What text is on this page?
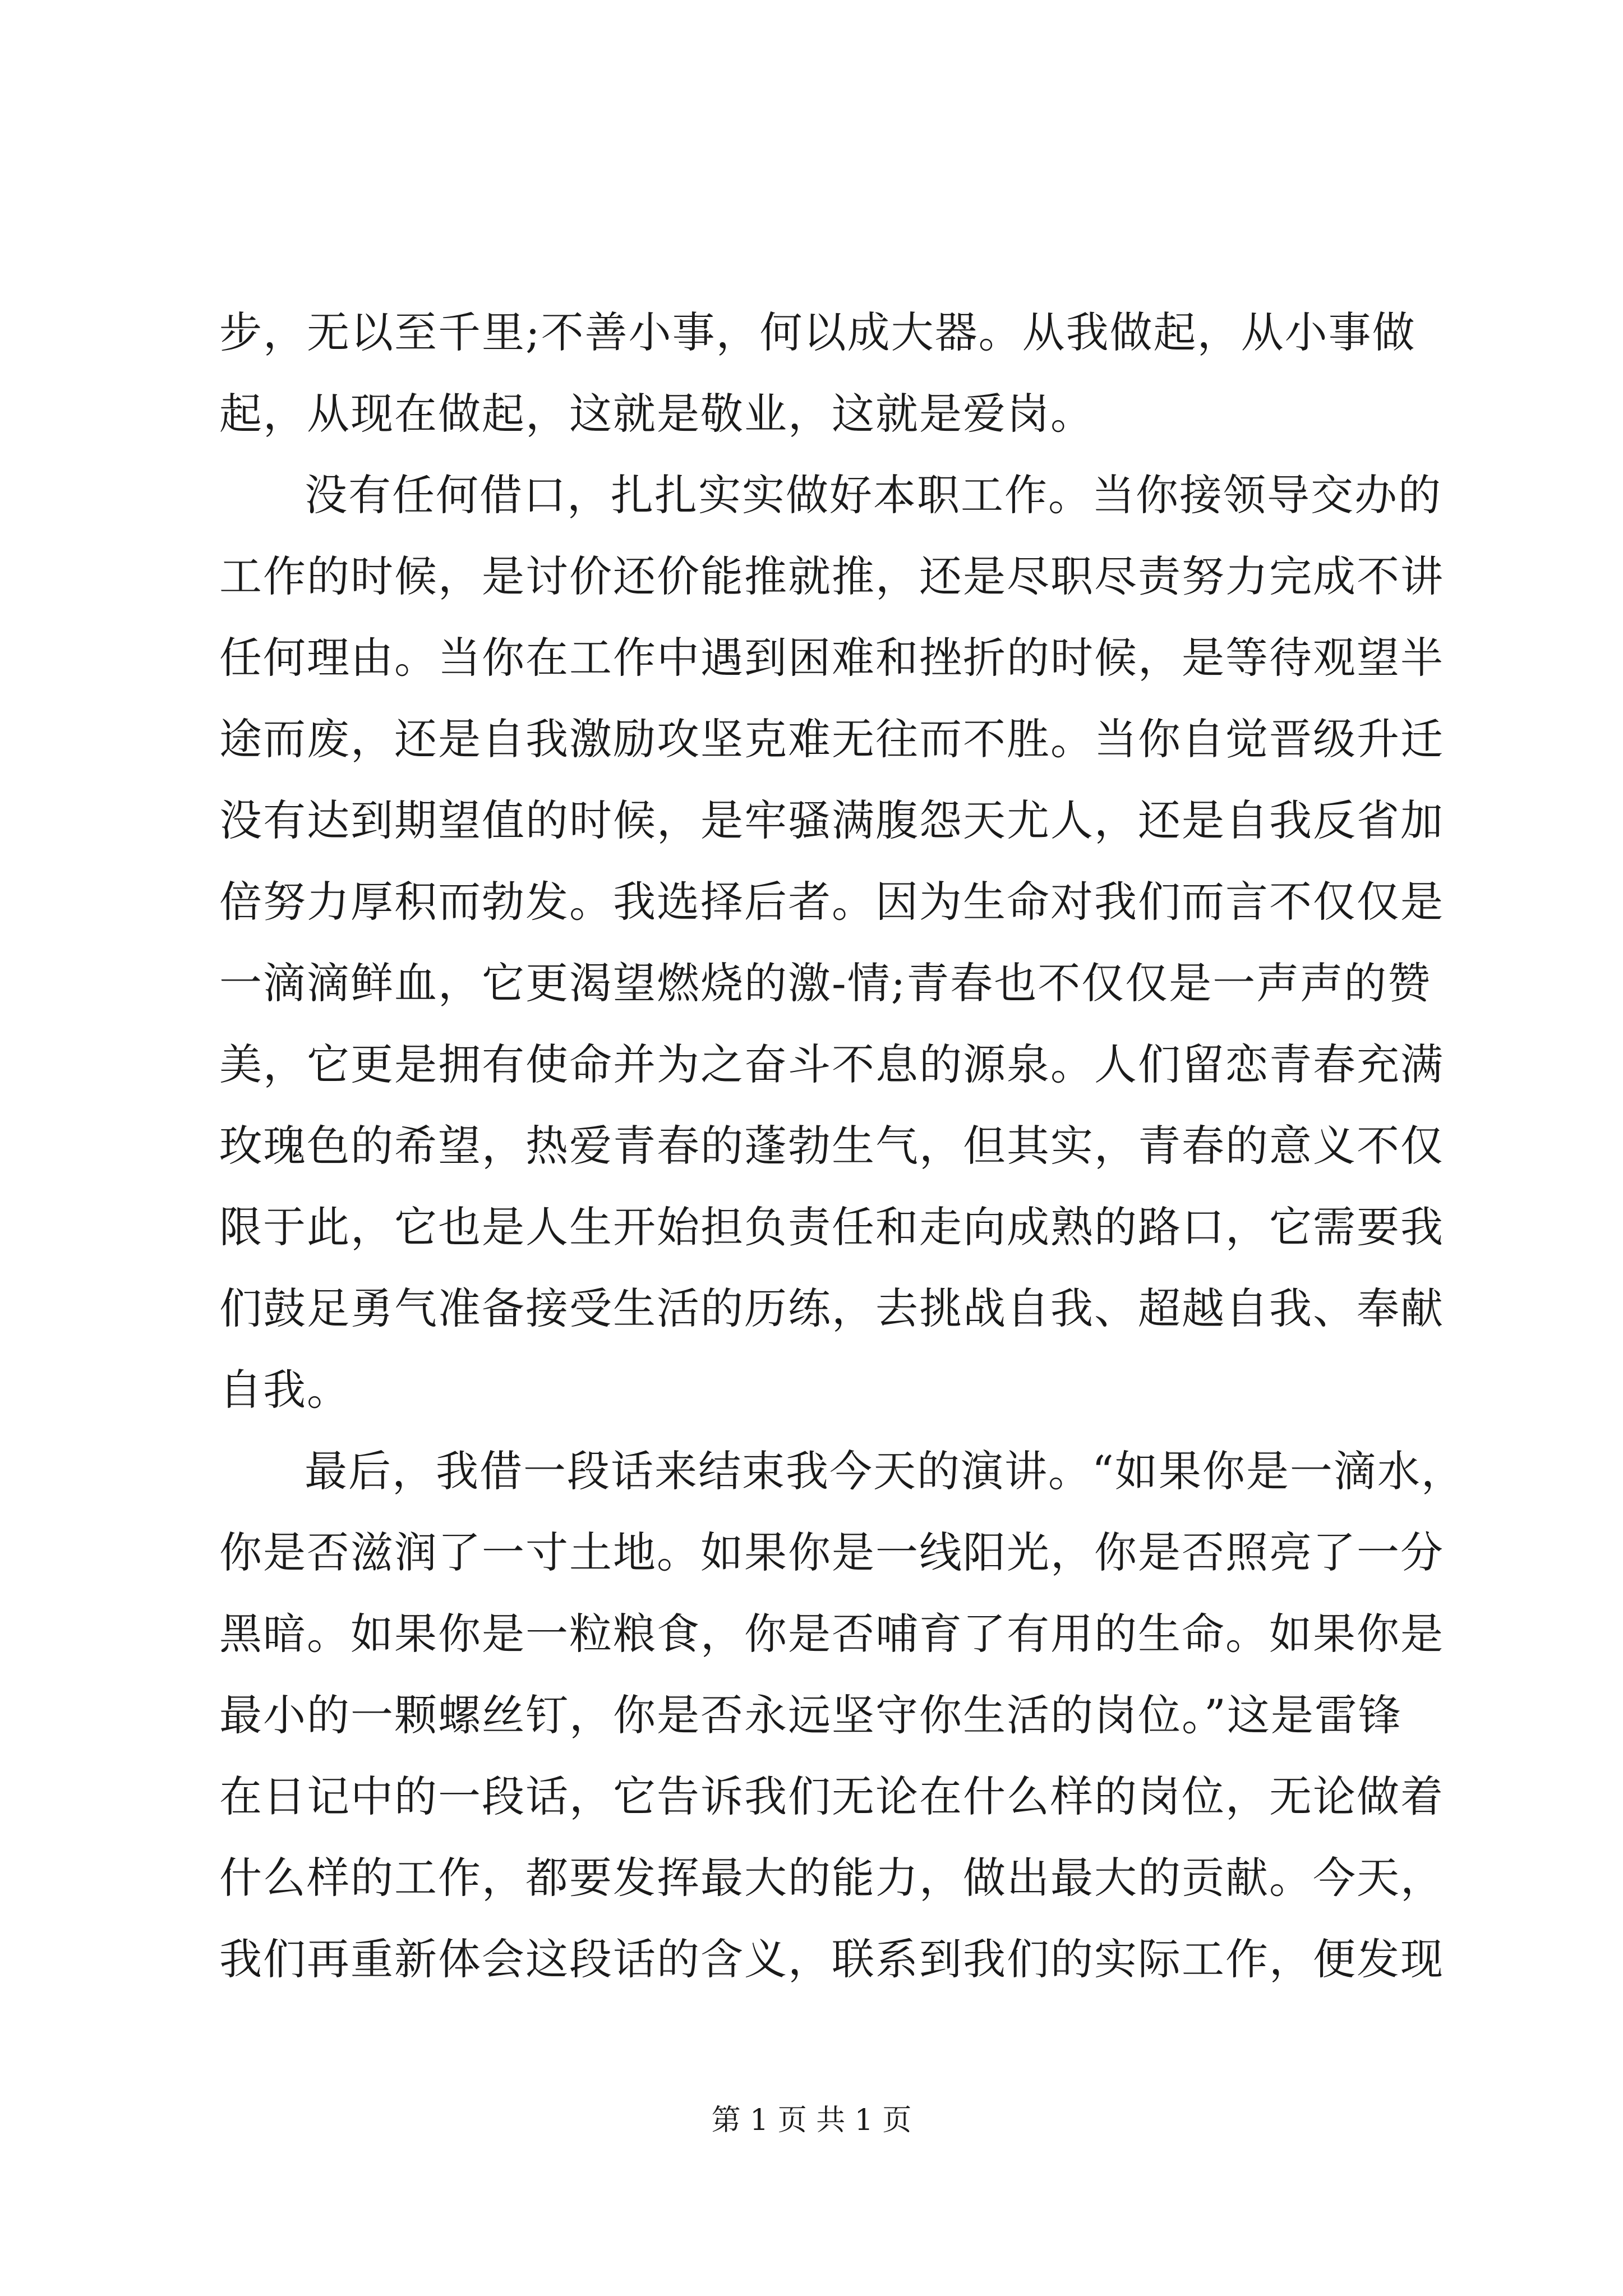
步，无以至千里;不善小事，何以成大器。从我做起，从小事做
起，从现在做起，这就是敬业，这就是爱岗。
没有任何借口，扎扎实实做好本职工作。当你接领导交办的
工作的时候，是讨价还价能推就推，还是尽职尽责努力完成不讲
任何理由。当你在工作中遇到困难和挫折的时候，是等待观望半
途而废，还是自我激励攻坚克难无往而不胜。当你自觉晋级升迁
没有达到期望值的时候，是牢骚满腹怨天尤人，还是自我反省加
倍努力厚积而勃发。我选择后者。因为生命对我们而言不仅仅是
一滴滴鲜血，它更渴望燃烧的激-情;青春也不仅仅是一声声的赞
美，它更是拥有使命并为之奋斗不息的源泉。人们留恋青春充满
玫瑰色的希望，热爱青春的蓬勃生气，但其实，青春的意义不仅
限于此，它也是人生开始担负责任和走向成熟的路口，它需要我
们鼓足勇气准备接受生活的历练，去挑战自我、超越自我、奉献
自我。
最后，我借一段话来结束我今天的演讲。“如果你是一滴水，
你是否滋润了一寸土地。如果你是一线阳光，你是否照亮了一分
黑暗。如果你是一粒粮食，你是否哺育了有用的生命。如果你是
最小的一颗螺丝钉，你是否永远坚守你生活的岗位。”这是雷锋
在日记中的一段话，它告诉我们无论在什么样的岗位，无论做着
什么样的工作，都要发挥最大的能力，做出最大的贡献。今天，
我们再重新体会这段话的含义，联系到我们的实际工作，便发现
第 1 页 共 1 页
